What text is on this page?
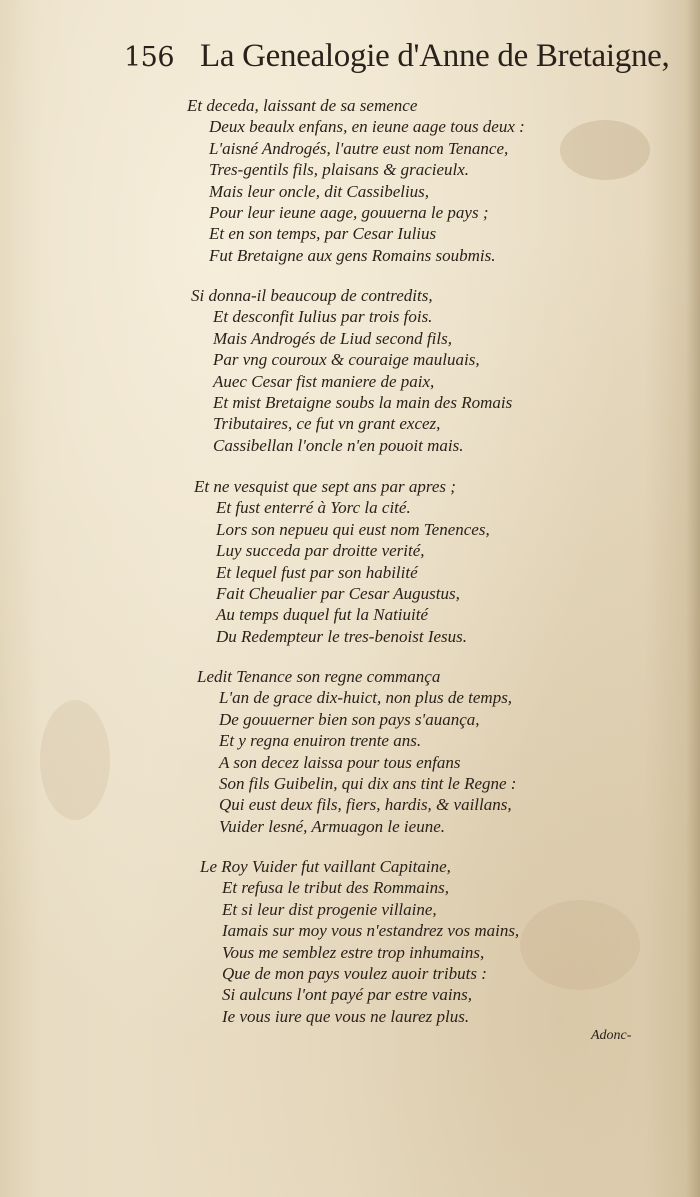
156 La Genealogie d'Anne de Bretaigne,
Et deceda, laissant de sa semence
Deux beaulx enfans, en ieune aage tous deux :
L'aisné Androgés, l'autre eust nom Tenance,
Tres-gentils fils, plaisans & gracieulx.
Mais leur oncle, dit Cassibelius,
Pour leur ieune aage, gouuerna le pays ;
Et en son temps, par Cesar Iulius
Fut Bretaigne aux gens Romains soubmis.
Si donna-il beaucoup de contredits,
Et desconfit Iulius par trois fois.
Mais Androgés de Liud second fils,
Par vng couroux & couraige mauluais,
Auec Cesar fist maniere de paix,
Et mist Bretaigne soubs la main des Romais
Tributaires, ce fut vn grant excez,
Cassibellan l'oncle n'en pouoit mais.
Et ne vesquist que sept ans par apres ;
Et fust enterré à Yorc la cité.
Lors son nepueu qui eust nom Tenences,
Luy succeda par droitte verité,
Et lequel fust par son habilité
Fait Cheualier par Cesar Augustus,
Au temps duquel fut la Natiuité
Du Redempteur le tres-benoist Iesus.
Ledit Tenance son regne commança
L'an de grace dix-huict, non plus de temps,
De gouuerner bien son pays s'auança,
Et y regna enuiron trente ans.
A son decez laissa pour tous enfans
Son fils Guibelin, qui dix ans tint le Regne :
Qui eust deux fils, fiers, hardis, & vaillans,
Vuider lesné, Armuagon le ieune.
Le Roy Vuider fut vaillant Capitaine,
Et refusa le tribut des Rommains,
Et si leur dist progenie villaine,
Iamais sur moy vous n'estandrez vos mains,
Vous me semblez estre trop inhumains,
Que de mon pays voulez auoir tributs :
Si aulcuns l'ont payé par estre vains,
Ie vous iure que vous ne laurez plus.
Adonc-
